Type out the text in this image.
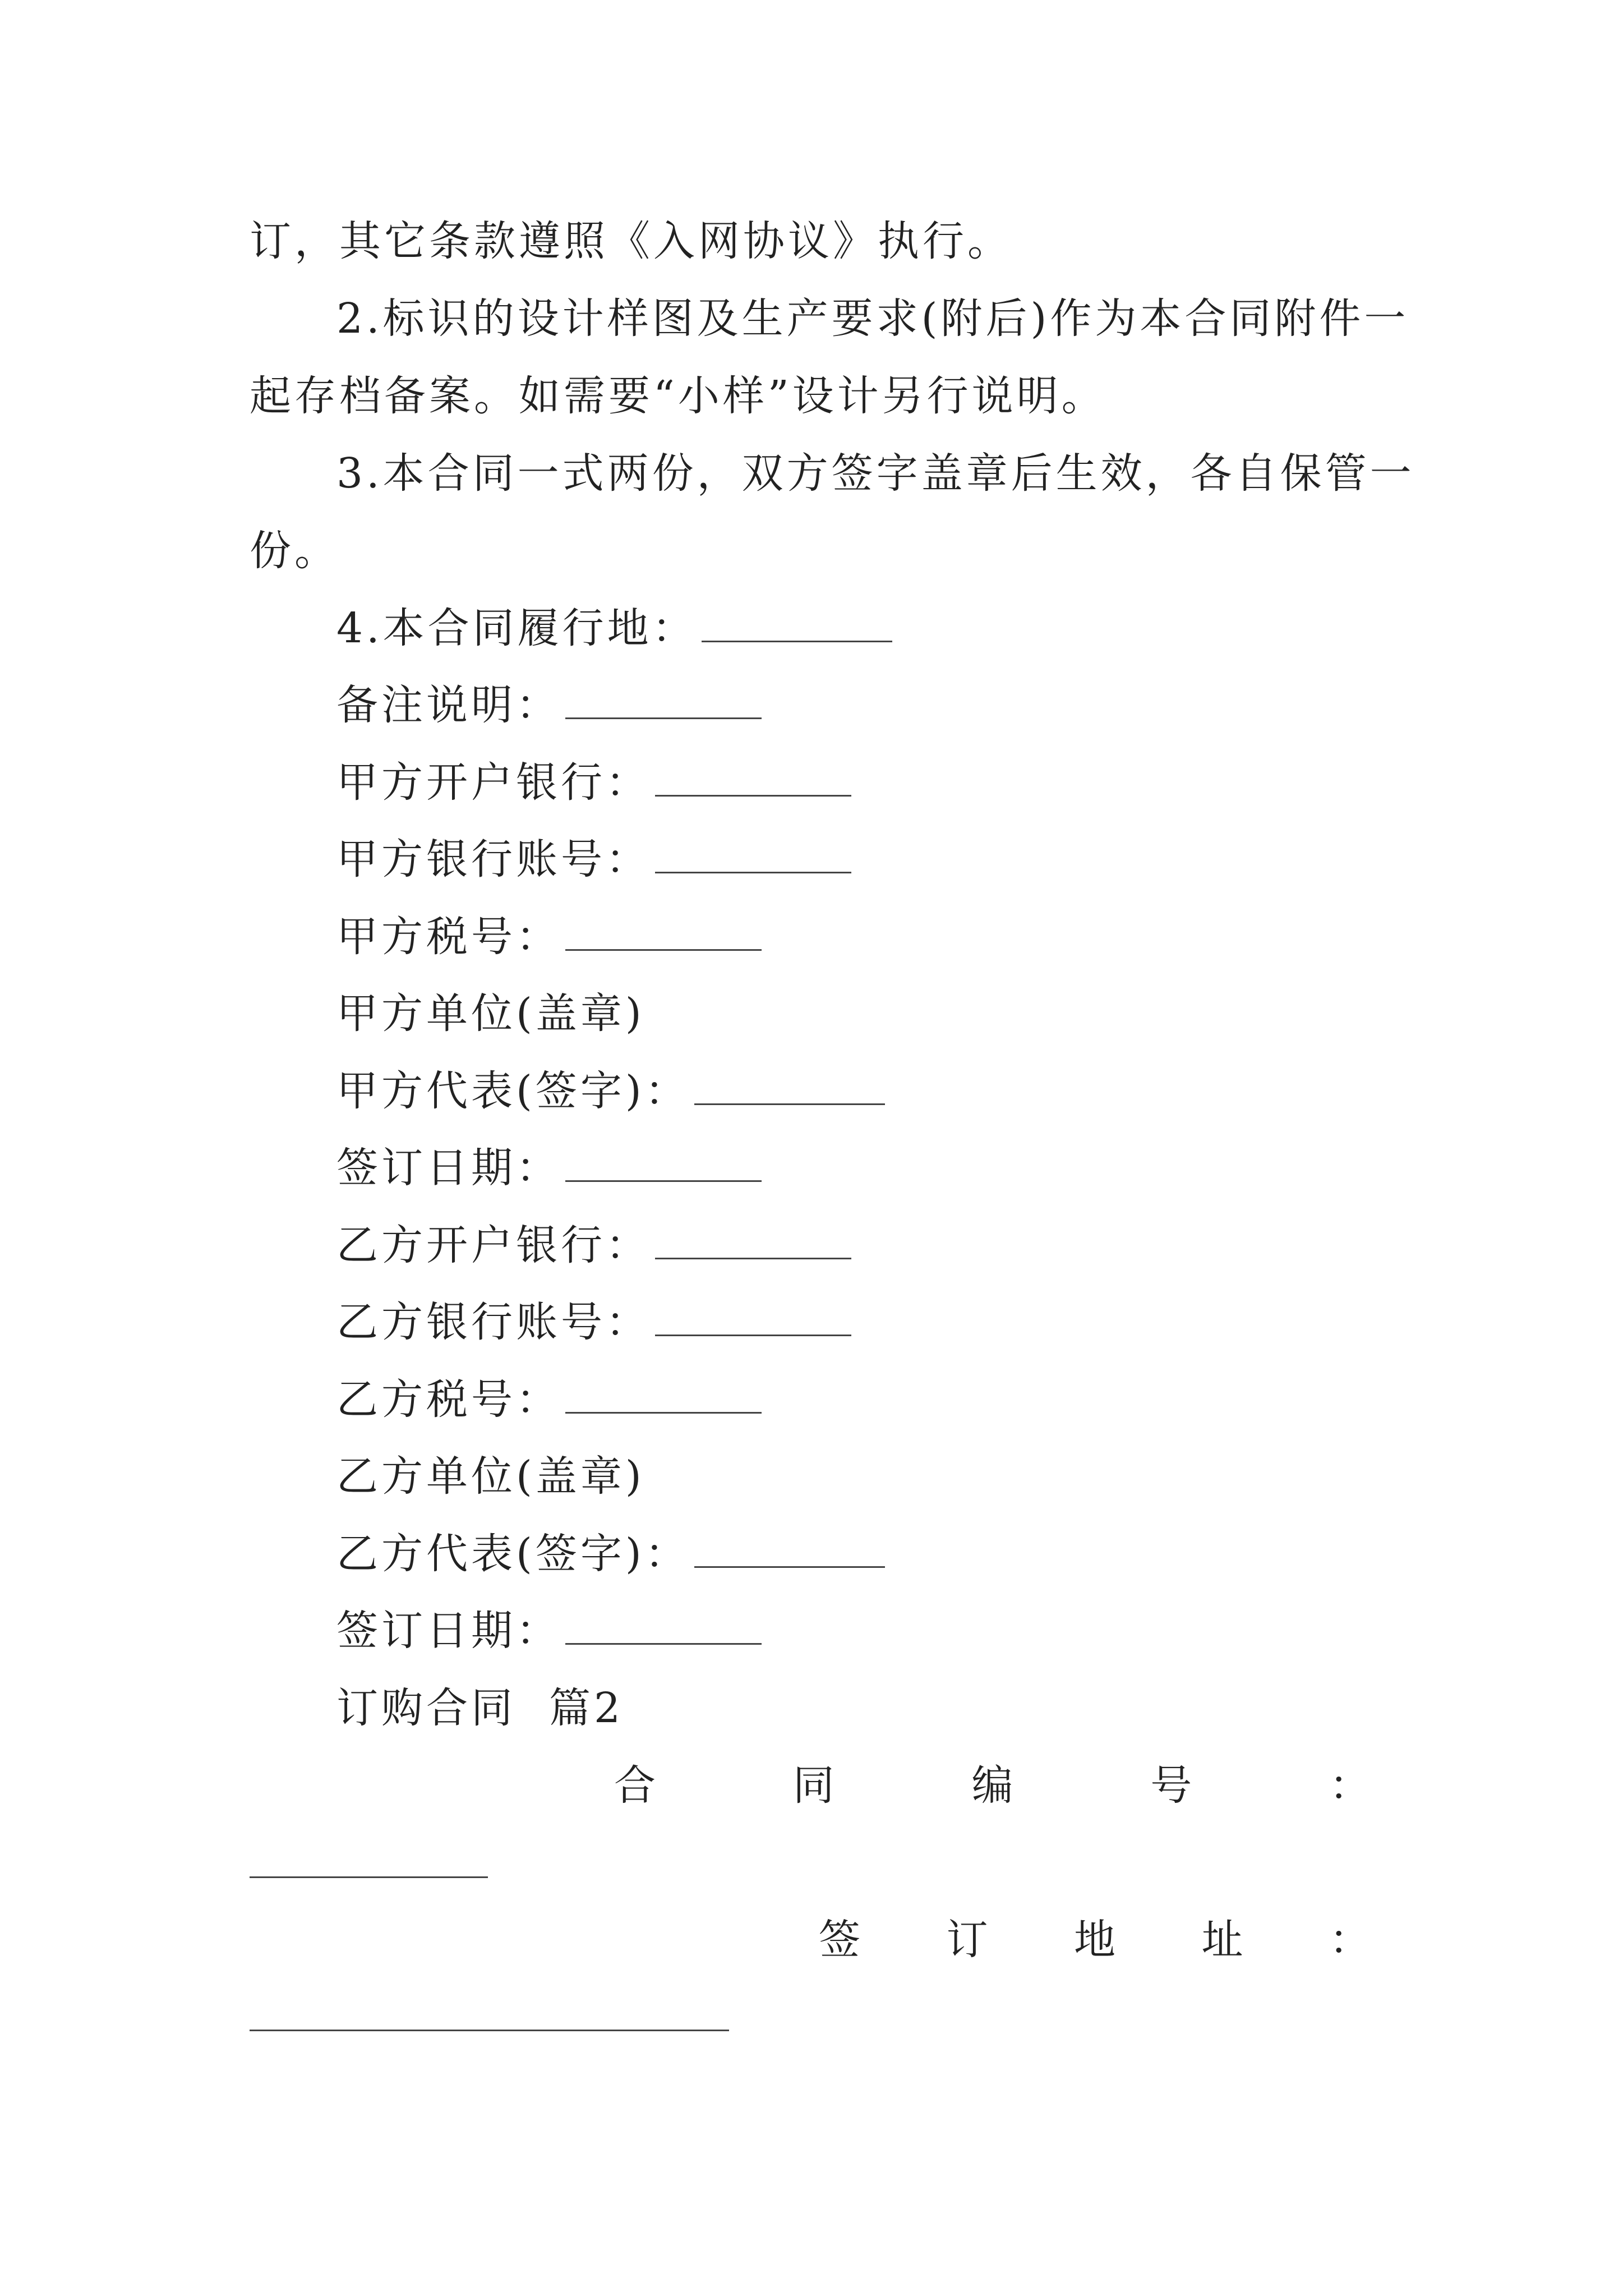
订，其它条款遵照《入网协议》执行。
2.标识的设计样图及生产要求(附后)作为本合同附件一
起存档备案。如需要“小样”设计另行说明。
3.本合同一式两份，双方签字盖章后生效，各自保管一
份。
4.本合同履行地：
备注说明：
甲方开户银行：
甲方银行账号：
甲方税号：
甲方单位(盖章)
甲方代表(签字)：
签订日期：
乙方开户银行：
乙方银行账号：
乙方税号：
乙方单位(盖章)
乙方代表(签字)：
签订日期：
订购合同  篇2
合	同	编	号	：
签 订 地 址 ：
